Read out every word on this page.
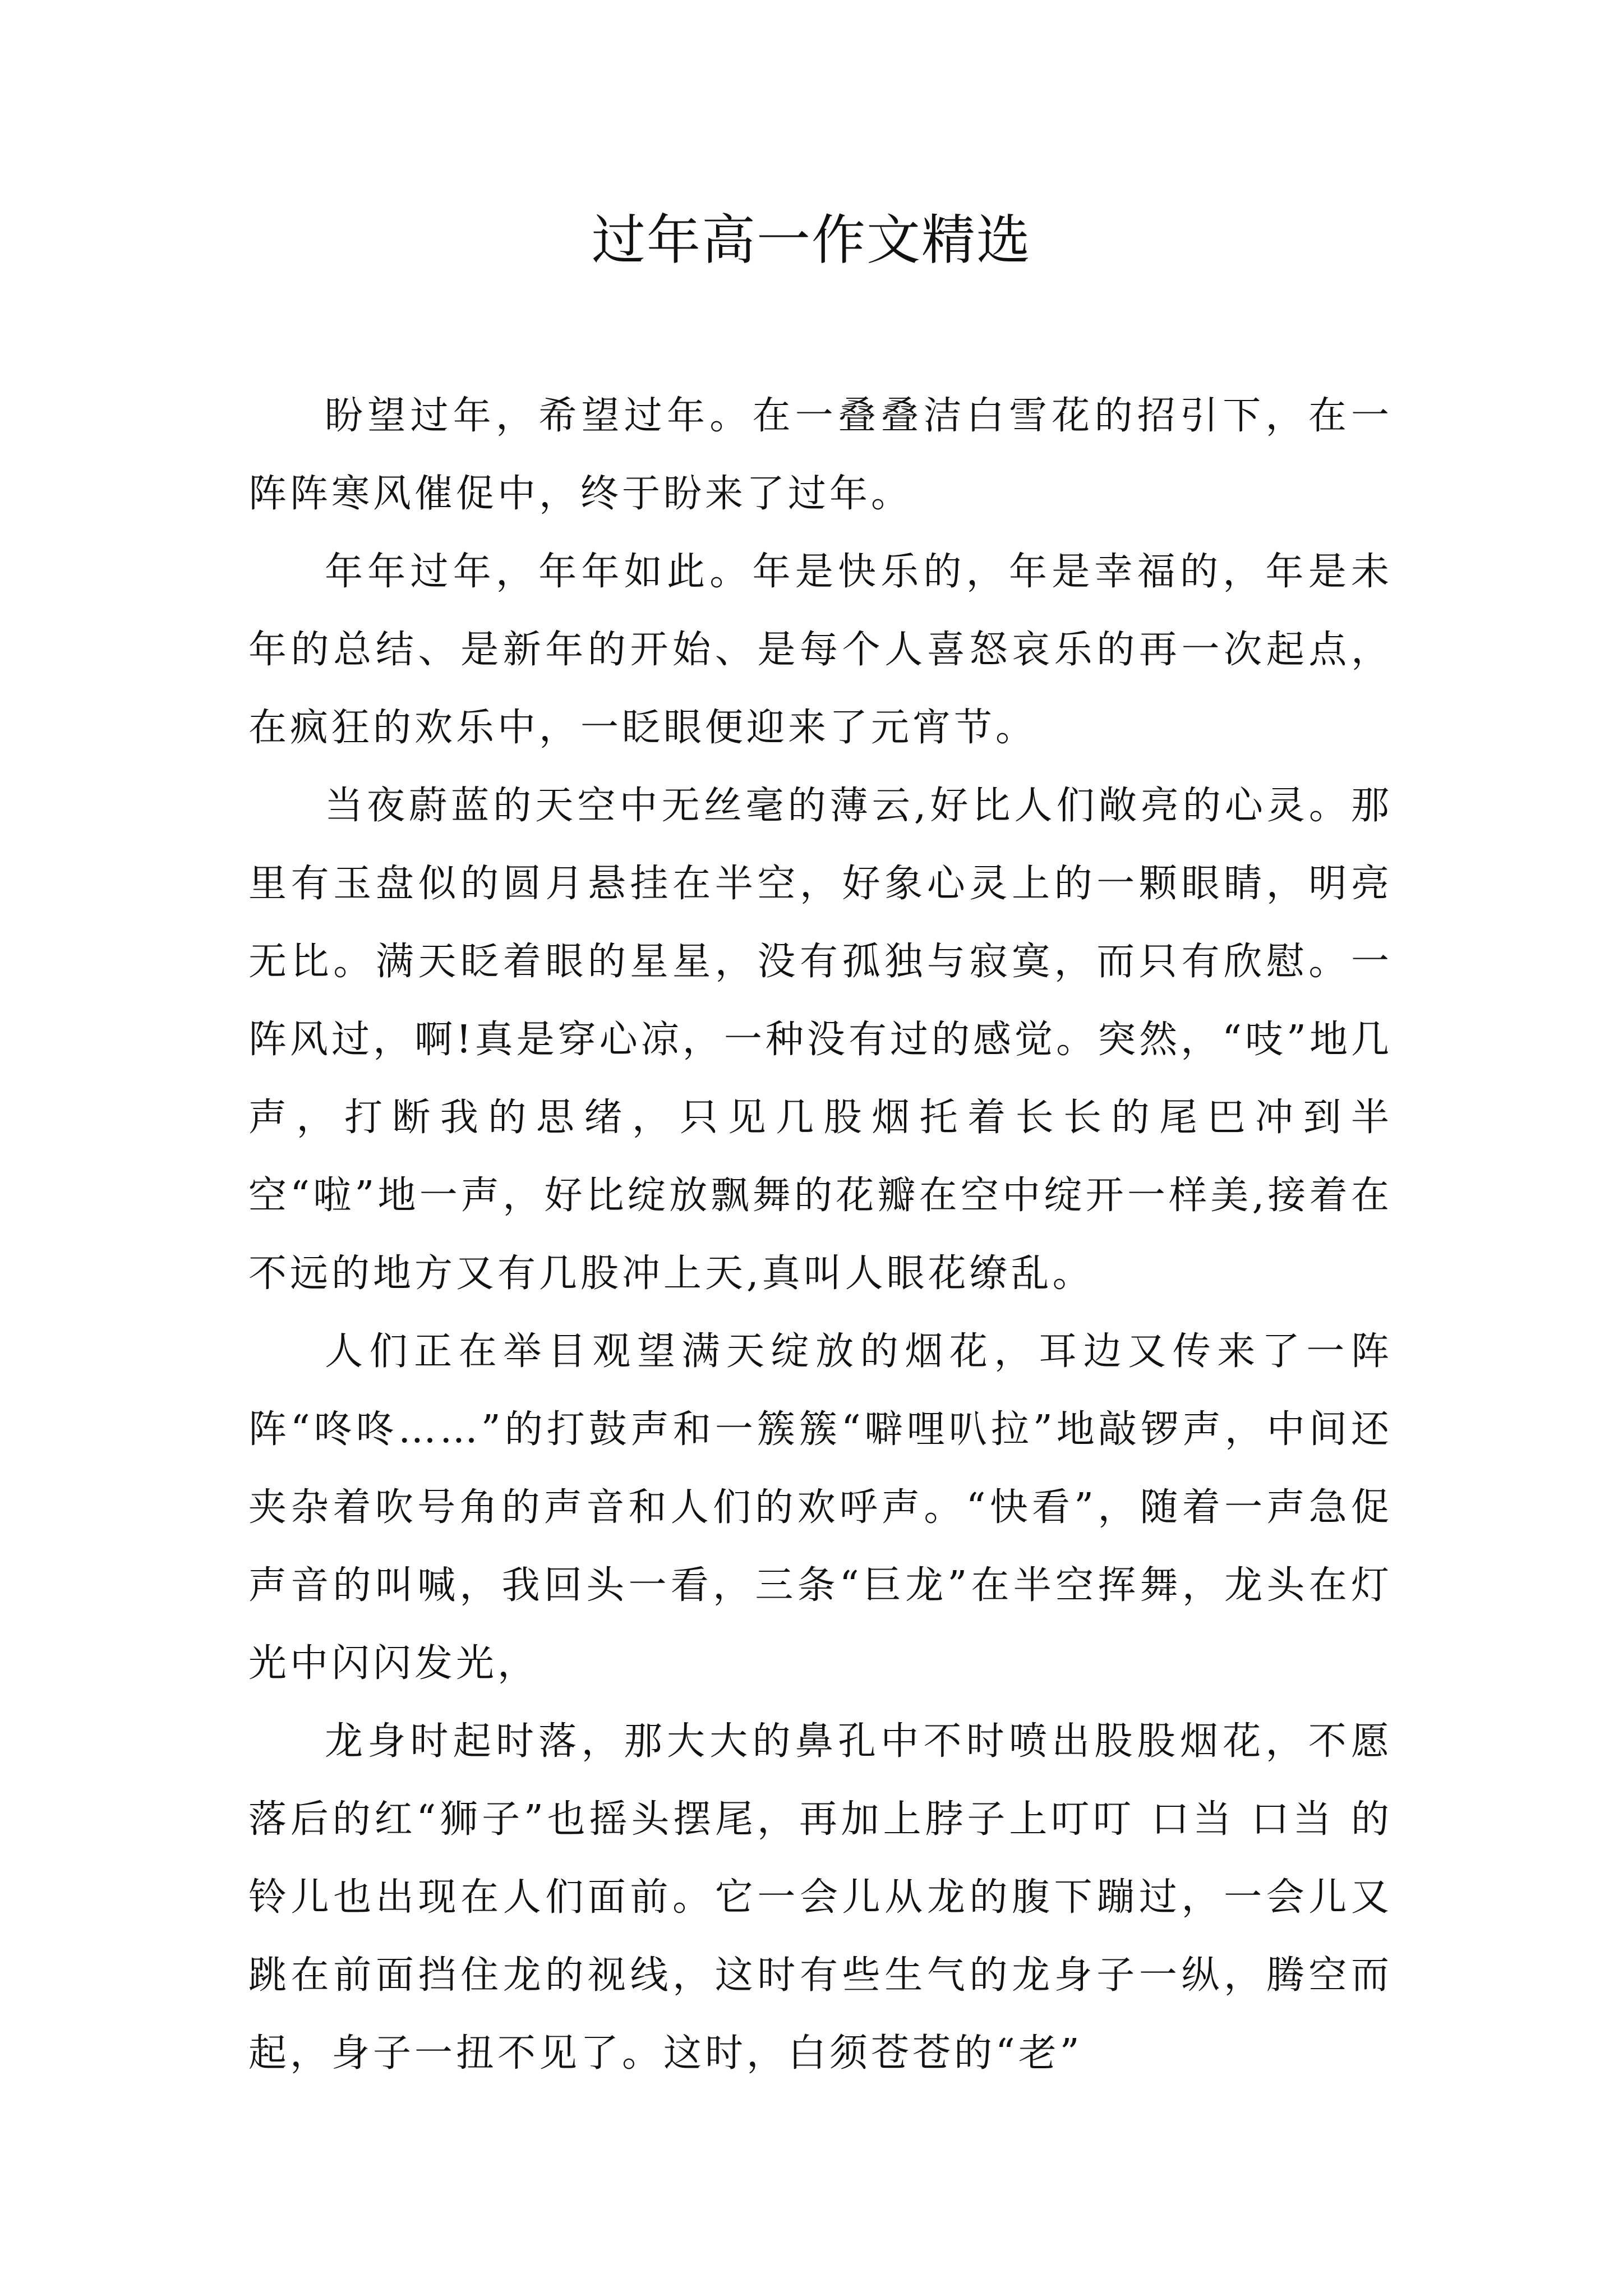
过年高一作文精选

盼望过年，希望过年。在一叠叠洁白雪花的招引下，在一阵阵寒风催促中，终于盼来了过年。

年年过年，年年如此。年是快乐的，年是幸福的，年是未年的总结、是新年的开始、是每个人喜怒哀乐的再一次起点，在疯狂的欢乐中，一眨眼便迎来了元宵节。

当夜蔚蓝的天空中无丝毫的薄云,好比人们敞亮的心灵。那里有玉盘似的圆月悬挂在半空，好象心灵上的一颗眼睛，明亮无比。满天眨着眼的星星，没有孤独与寂寞，而只有欣慰。一阵风过，啊!真是穿心凉，一种没有过的感觉。突然，“吱”地几声，打断我的思绪，只见几股烟托着长长的尾巴冲到半空“啦”地一声，好比绽放飘舞的花瓣在空中绽开一样美,接着在不远的地方又有几股冲上天,真叫人眼花缭乱。

人们正在举目观望满天绽放的烟花，耳边又传来了一阵阵“咚咚……”的打鼓声和一簇簇“噼哩叭拉”地敲锣声，中间还夹杂着吹号角的声音和人们的欢呼声。“快看”，随着一声急促声音的叫喊，我回头一看，三条“巨龙”在半空挥舞，龙头在灯光中闪闪发光，

龙身时起时落，那大大的鼻孔中不时喷出股股烟花，不愿落后的红“狮子”也摇头摆尾，再加上脖子上叮叮 口当 口当 的铃儿也出现在人们面前。它一会儿从龙的腹下蹦过，一会儿又跳在前面挡住龙的视线，这时有些生气的龙身子一纵，腾空而起，身子一扭不见了。这时，白须苍苍的“老”
